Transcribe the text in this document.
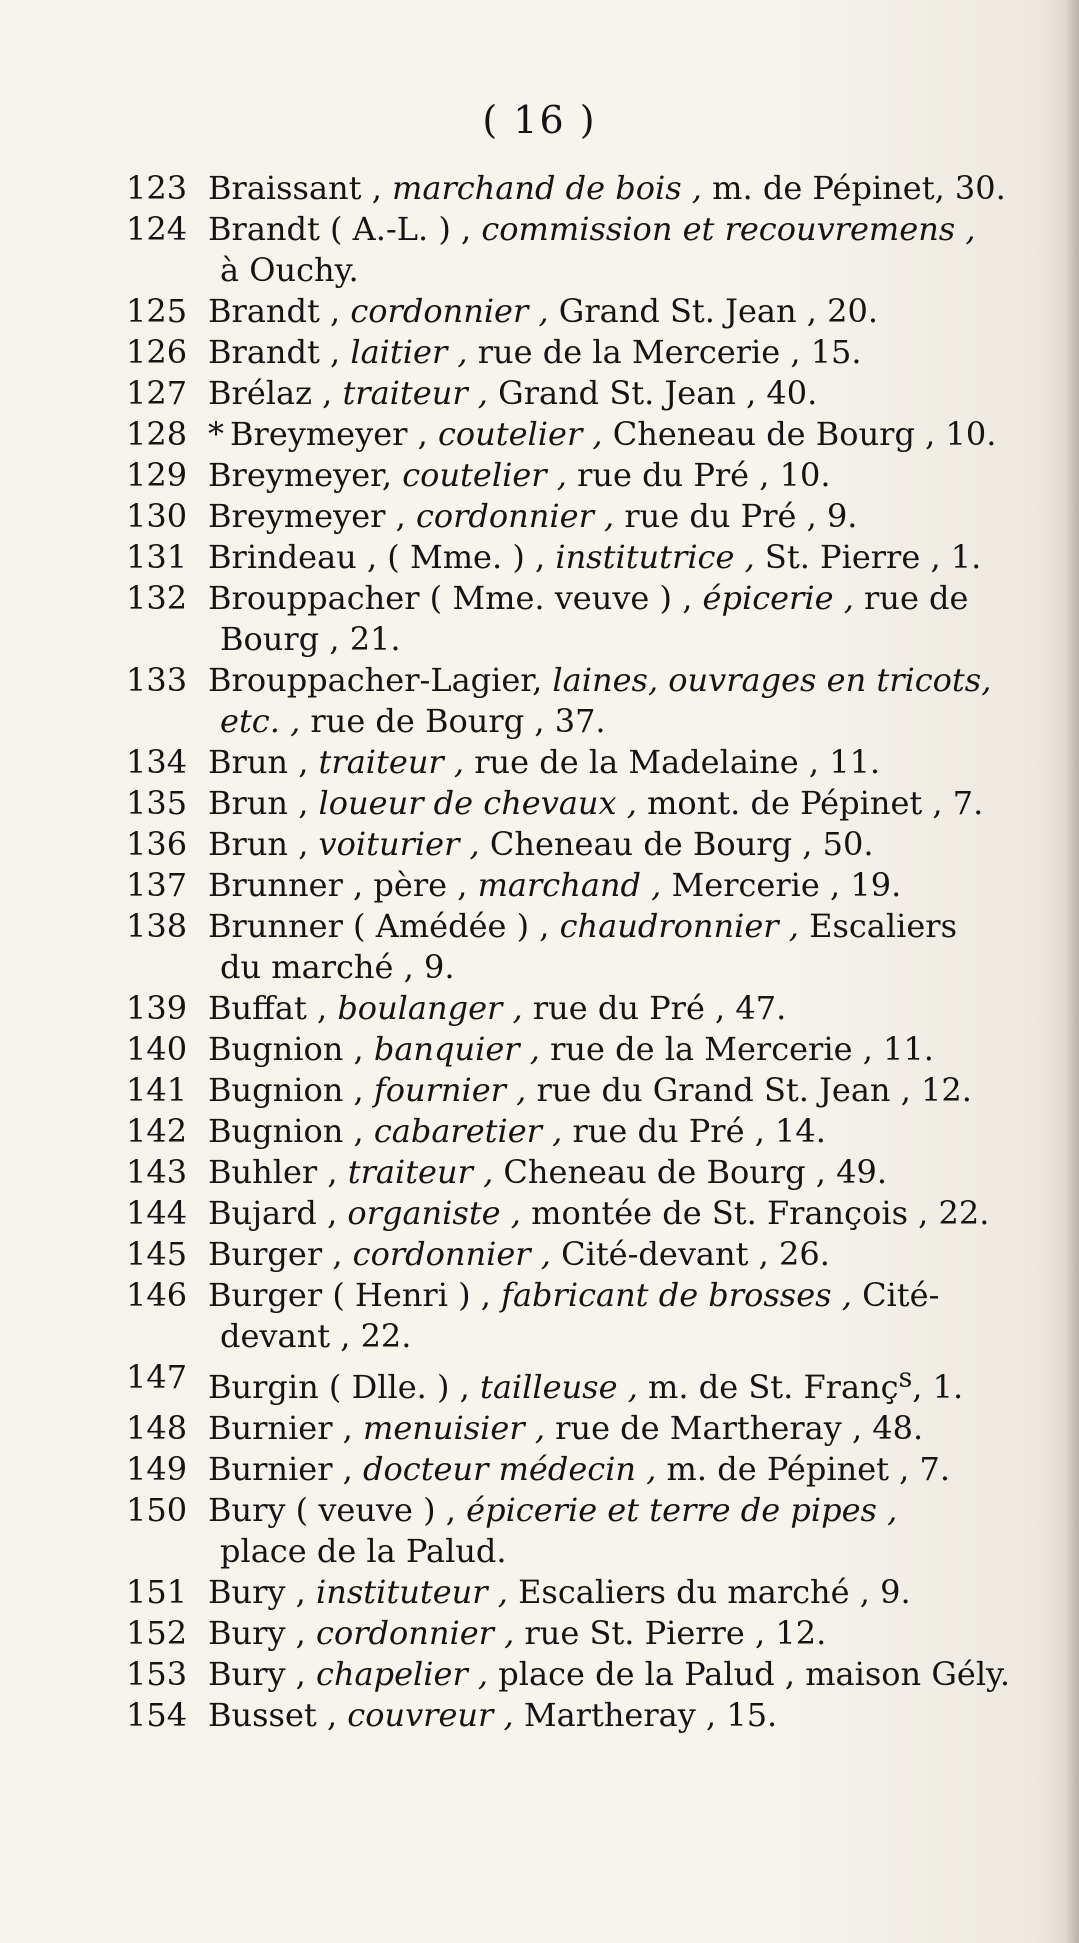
( 16 )
123 Braissant , marchand de bois , m. de Pépinet, 30.
124 Brandt ( A.-L. ) , commission et recouvremens ,
à Ouchy.
125 Brandt , cordonnier , Grand St. Jean , 20.
126 Brandt , laitier , rue de la Mercerie , 15.
127 Brélaz , traiteur , Grand St. Jean , 40.
128 * Breymeyer , coutelier , Cheneau de Bourg , 10.
129 Breymeyer, coutelier , rue du Pré , 10.
130 Breymeyer , cordonnier , rue du Pré , 9.
131 Brindeau , ( Mme. ) , institutrice , St. Pierre , 1.
132 Brouppacher ( Mme. veuve ) , épicerie , rue de
Bourg , 21.
133 Brouppacher-Lagier, laines, ouvrages en tricots,
etc. , rue de Bourg , 37.
134 Brun , traiteur , rue de la Madelaine , 11.
135 Brun , loueur de chevaux , mont. de Pépinet , 7.
136 Brun , voiturier , Cheneau de Bourg , 50.
137 Brunner , père , marchand , Mercerie , 19.
138 Brunner ( Amédée ) , chaudronnier , Escaliers
du marché , 9.
139 Buffat , boulanger , rue du Pré , 47.
140 Bugnion , banquier , rue de la Mercerie , 11.
141 Bugnion , fournier , rue du Grand St. Jean , 12.
142 Bugnion , cabaretier , rue du Pré , 14.
143 Buhler , traiteur , Cheneau de Bourg , 49.
144 Bujard , organiste , montée de St. François , 22.
145 Burger , cordonnier , Cité-devant , 26.
146 Burger ( Henri ) , fabricant de brosses , Cité-
devant , 22.
147 Burgin ( Dlle. ) , tailleuse , m. de St. Franç$^s$, 1.
148 Burnier , menuisier , rue de Martheray , 48.
149 Burnier , docteur médecin , m. de Pépinet , 7.
150 Bury ( veuve ) , épicerie et terre de pipes ,
place de la Palud.
151 Bury , instituteur , Escaliers du marché , 9.
152 Bury , cordonnier , rue St. Pierre , 12.
153 Bury , chapelier , place de la Palud , maison Gély.
154 Busset , couvreur , Martheray , 15.
